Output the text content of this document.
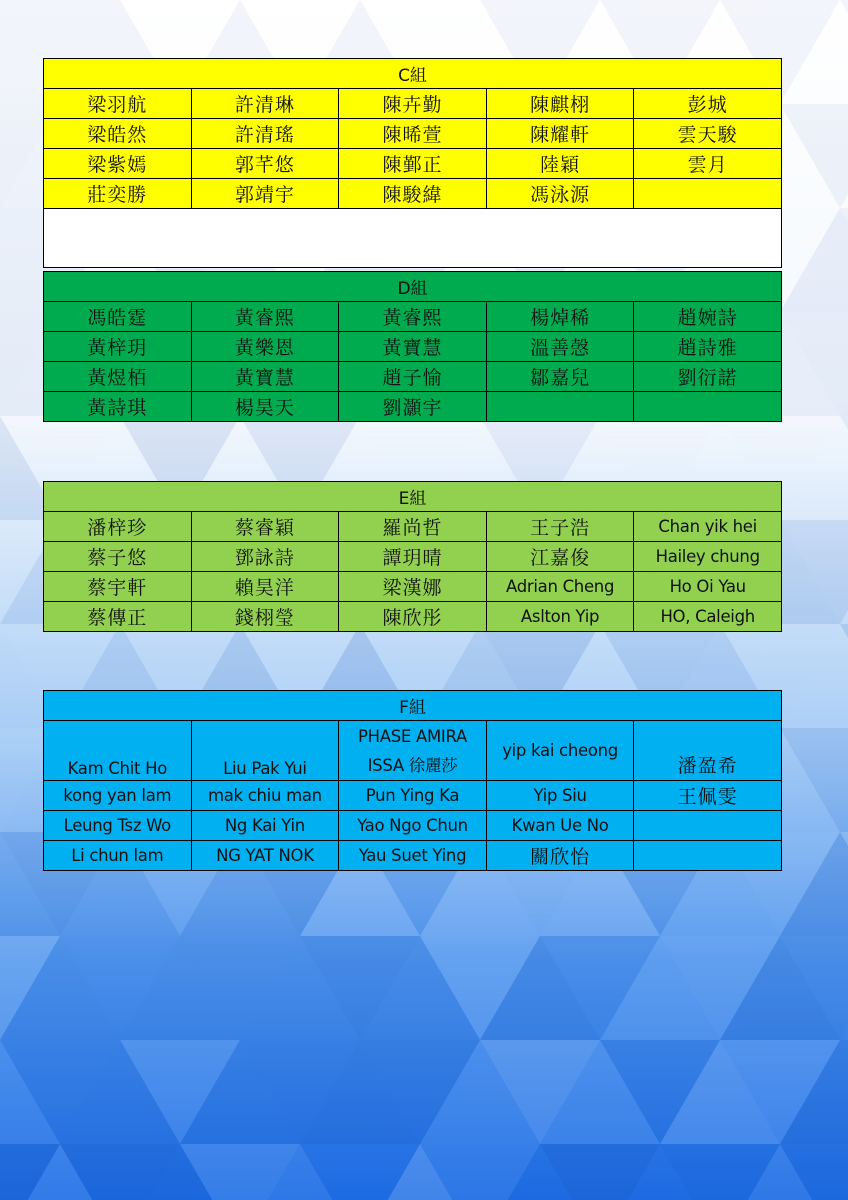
C組				
梁羽航	許清琳	陳卉勤	陳麒栩	彭城
梁皓然	許清瑤	陳晞萱	陳耀軒	雲天駿
梁紫嫣	郭芊悠	陳鄞正	陸穎	雲月
莊奕勝	郭靖宇	陳駿緯	馮泳源	

D組				
馮皓霆	黃睿熙	黃睿熙	楊焯稀	趙婉詩
黃梓玥	黃樂恩	黃寶慧	溫善愨	趙詩雅
黃煜栢	黃寶慧	趙子愉	鄒嘉兒	劉衍諾
黃詩琪	楊昊天	劉灝宇		
E組				
潘梓珍	蔡睿穎	羅尚哲	王子浩	Chan yik hei
蔡子悠	鄧詠詩	譚玥晴	江嘉俊	Hailey chung
蔡宇軒	賴昊洋	梁漢娜	Adrian Cheng	Ho Oi Yau
蔡傳正	錢栩瑩	陳欣彤	Aslton Yip	HO, Caleigh
F組				
Kam Chit Ho	Liu Pak Yui	PHASE AMIRA ISSA 徐麗莎	yip kai cheong	潘盈希
kong yan lam	mak chiu man	Pun Ying Ka	Yip Siu	王佩雯
Leung Tsz Wo	Ng Kai Yin	Yao Ngo Chun	Kwan Ue No	
Li chun lam	NG YAT NOK	Yau Suet Ying	關欣怡	
